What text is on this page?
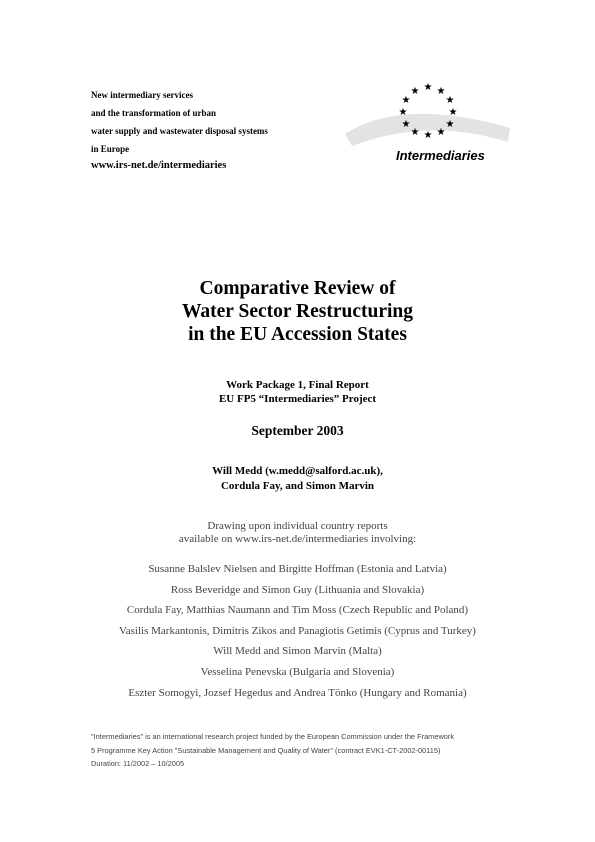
New intermediary services
and the transformation of urban
water supply and wastewater disposal systems
in Europe
www.irs-net.de/intermediaries
★ ★
★
★
★
★
★
★
★
★
★
★
Intermediaries
Comparative Review of
Water Sector Restructuring
in the EU Accession States
Work Package 1, Final Report
EU FP5 “Intermediaries” Project
September 2003
Will Medd (w.medd@salford.ac.uk),
Cordula Fay, and Simon Marvin
Drawing upon individual country reports
available on www.irs-net.de/intermediaries involving:
Susanne Balslev Nielsen and Birgitte Hoffman (Estonia and Latvia)
Ross Beveridge and Simon Guy (Lithuania and Slovakia)
Cordula Fay, Matthias Naumann and Tim Moss (Czech Republic and Poland)
Vasilis Markantonis, Dimitris Zikos and Panagiotis Getimis (Cyprus and Turkey)
Will Medd and Simon Marvin (Malta)
Vesselina Penevska (Bulgaria and Slovenia)
Eszter Somogyi, Jozsef Hegedus and Andrea Tönko (Hungary and Romania)
"Intermediaries" is an international research project funded by the European Commission under the Framework
5 Programme Key Action "Sustainable Management and Quality of Water" (contract EVK1-CT-2002-00115)
Duration: 11/2002 – 10/2005
